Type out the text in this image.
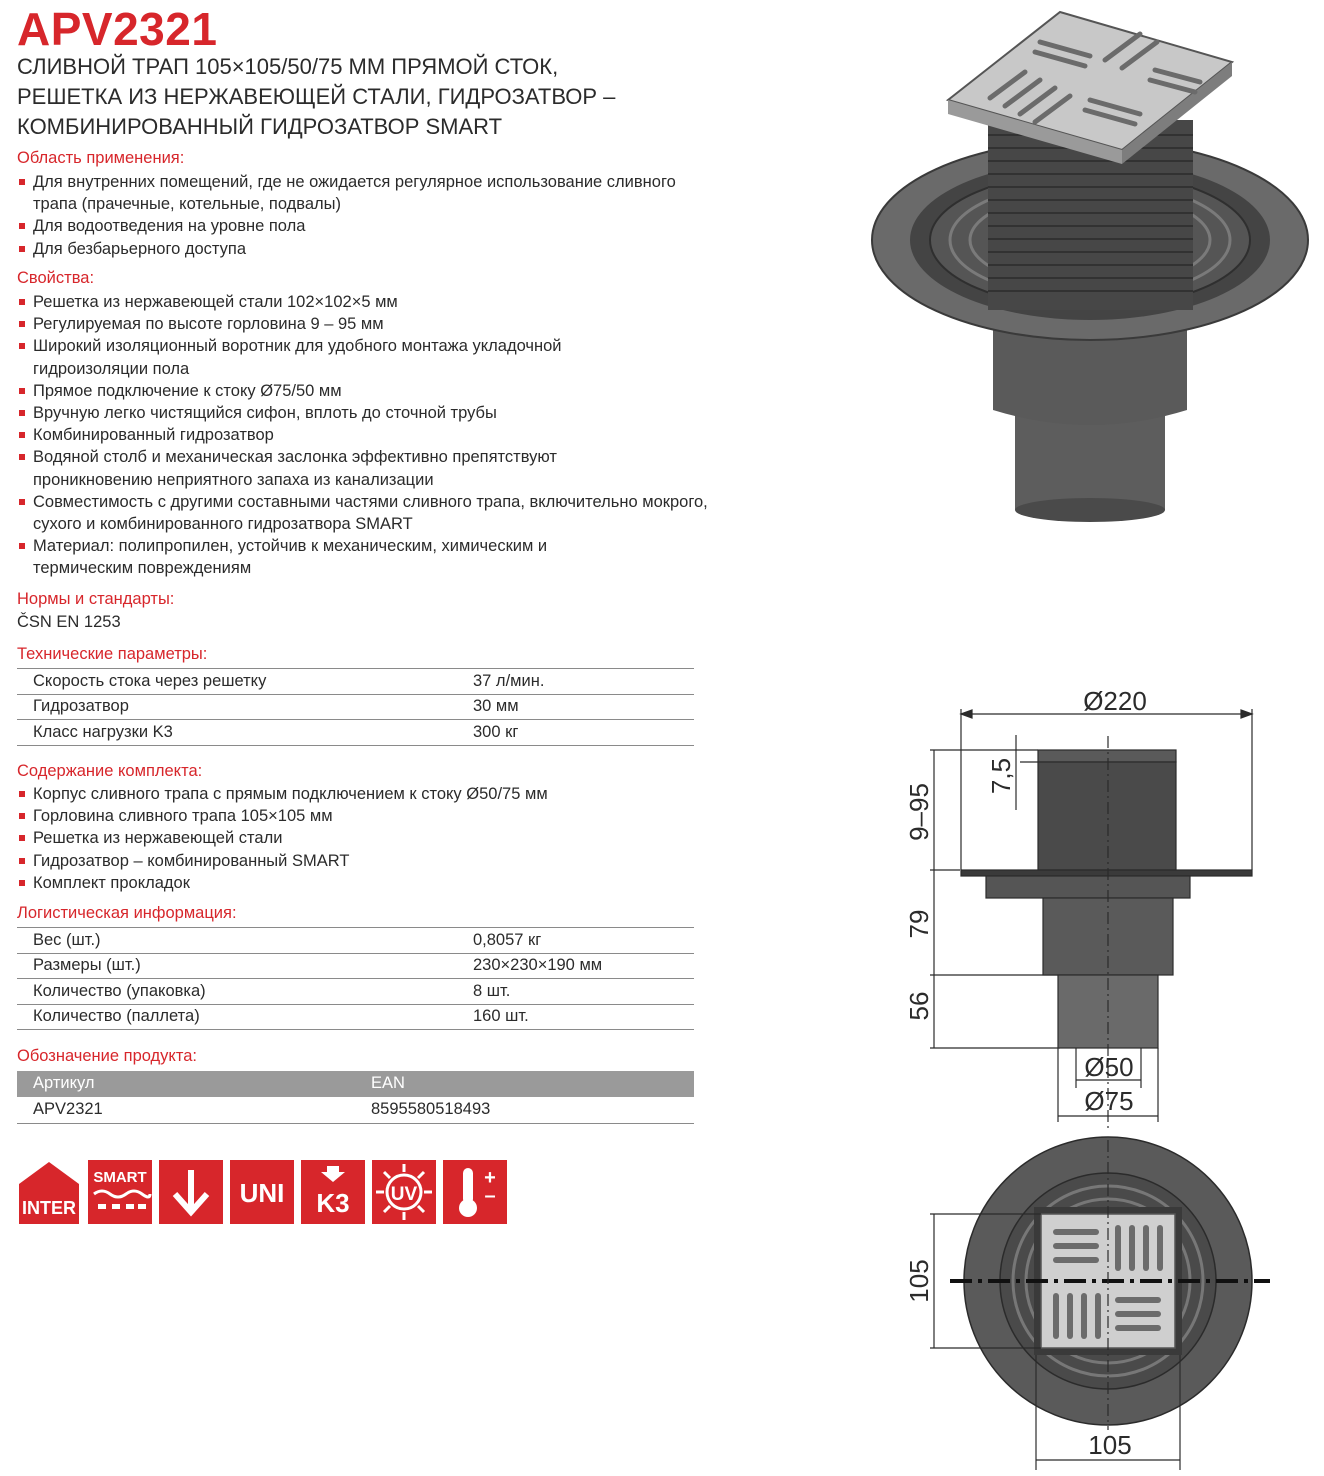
APV2321
СЛИВНОЙ ТРАП 105×105/50/75 ММ ПРЯМОЙ СТОК,
РЕШЕТКА ИЗ НЕРЖАВЕЮЩЕЙ СТАЛИ, ГИДРОЗАТВОР –
КОМБИНИРОВАННЫЙ ГИДРОЗАТВОР SMART
Область применения:
Для внутренних помещений, где не ожидается регулярное использование сливного трапа (прачечные, котельные, подвалы)
Для водоотведения на уровне пола
Для безбарьерного доступа
Свойства:
Решетка из нержавеющей стали 102×102×5 мм
Регулируемая по высоте горловина 9 – 95 мм
Широкий изоляционный воротник для удобного монтажа укладочной гидроизоляции пола
Прямое подключение к стоку Ø75/50 мм
Вручную легко чистящийся сифон, вплоть до сточной трубы
Комбинированный гидрозатвор
Водяной столб и механическая заслонка эффективно препятствуют проникновению неприятного запаха из канализации
Совместимость с другими составными частями сливного трапа, включительно мокрого, сухого и комбинированного гидрозатвора SMART
Материал: полипропилен, устойчив к механическим, химическим и термическим повреждениям
Нормы и стандарты:
ČSN EN 1253
Технические параметры:
Скорость стока через решетку	37 л/мин.
Гидрозатвор	30 мм
Класс нагрузки K3	300 кг
Содержание комплекта:
Корпус сливного трапа с прямым подключением к стоку Ø50/75 мм
Горловина сливного трапа 105×105 мм
Решетка из нержавеющей стали
Гидрозатвор – комбинированный SMART
Комплект прокладок
Логистическая информация:
Вес (шт.)	0,8057 кг
Размеры (шт.)	230×230×190 мм
Количество (упаковка)	8 шт.
Количество (паллета)	160 шт.
Обозначение продукта:
Артикул	EAN
APV2321	8595580518493
INTER
SMART
UNI K3 UV
+
–
Ø220
9–95
7,5
79
56
Ø50
Ø75
105
105
